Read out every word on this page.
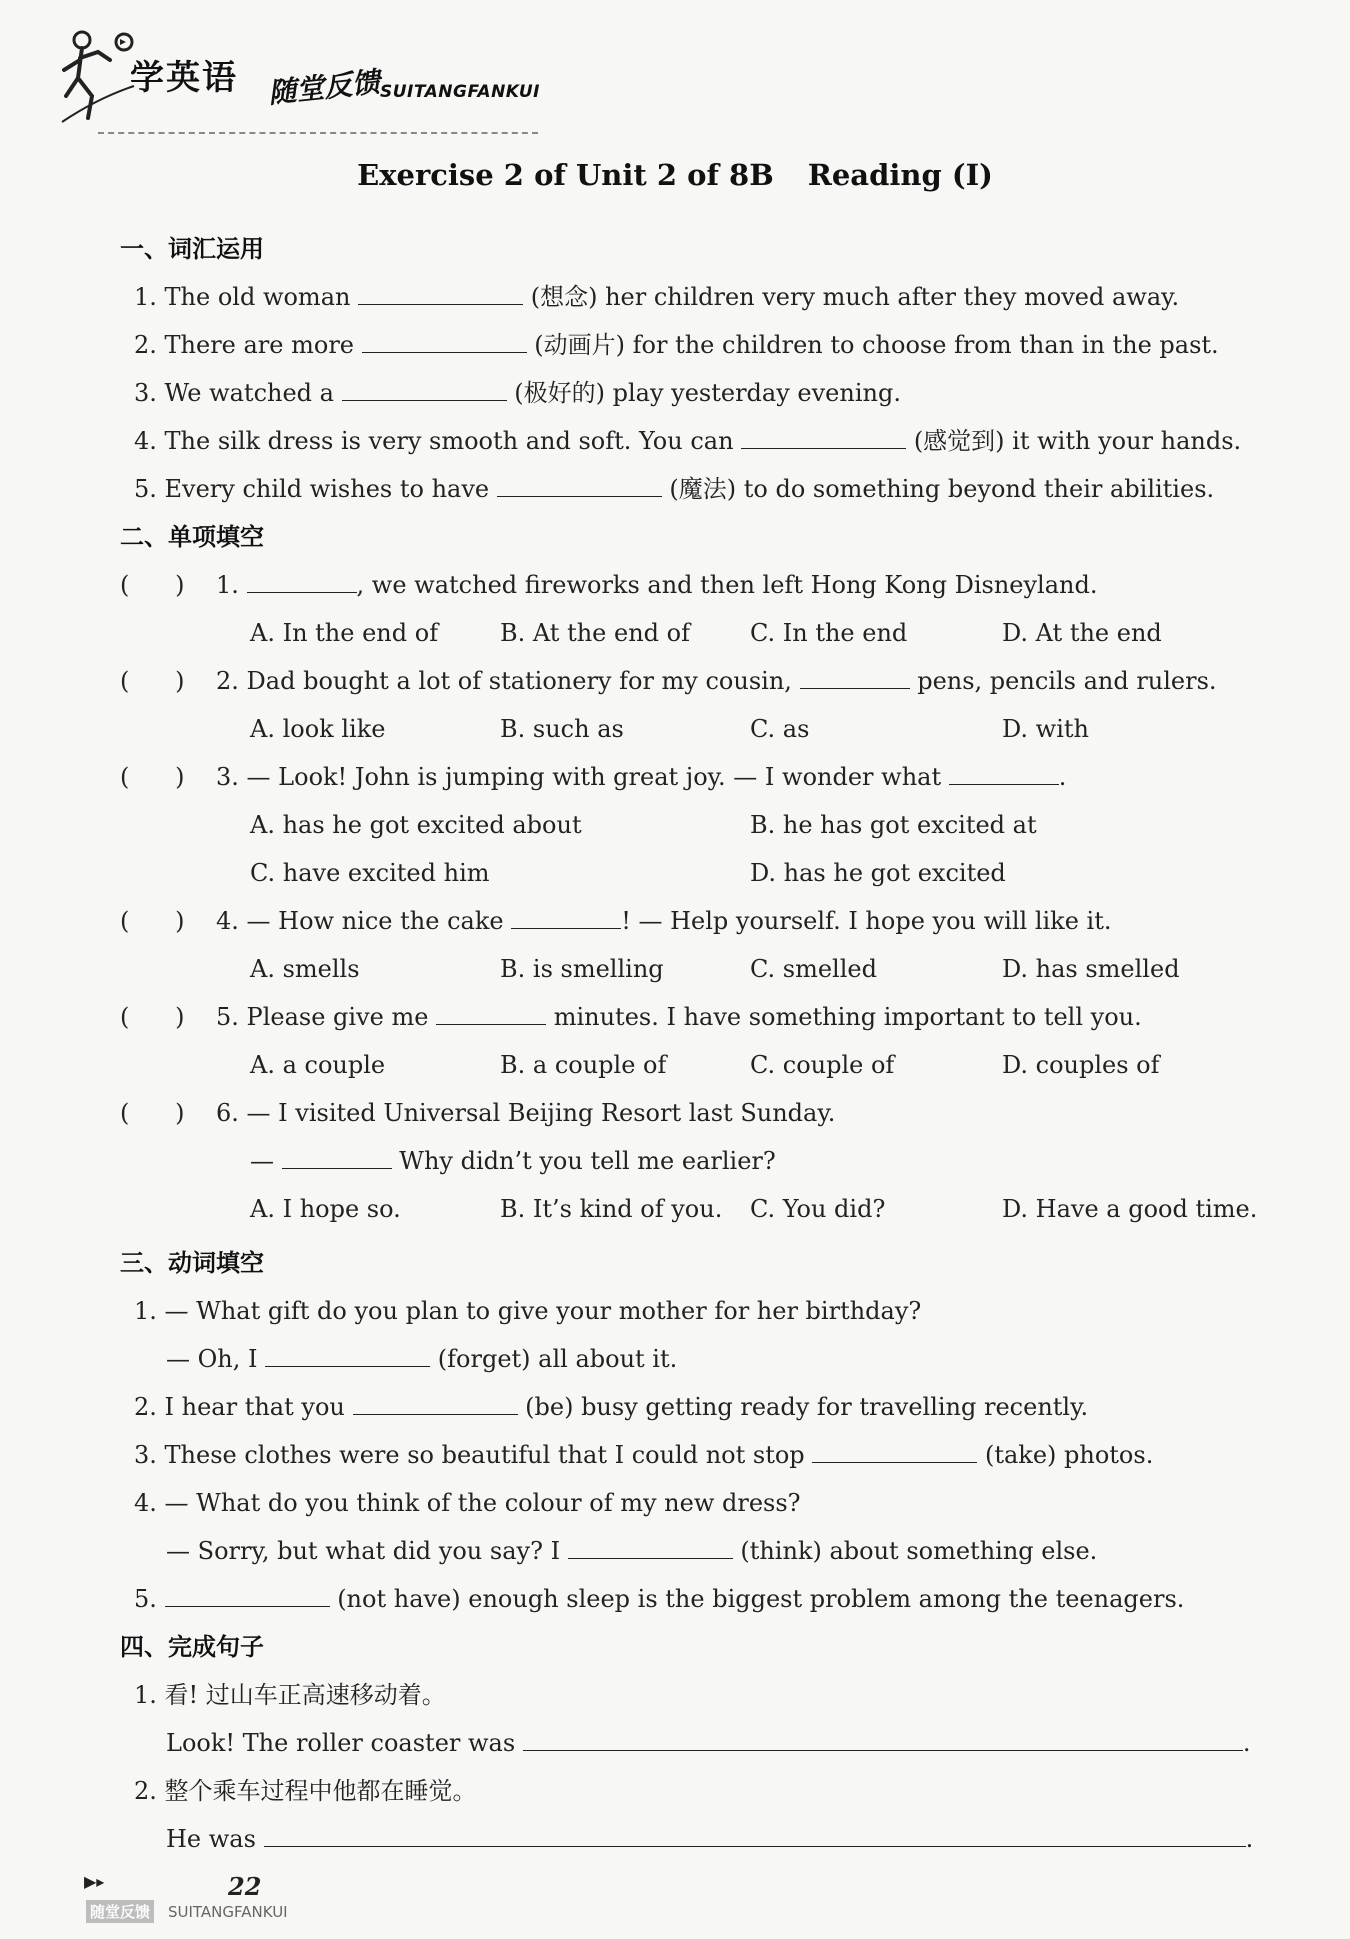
学英语 随堂反馈
SUITANGFANKUI
Exercise 2 of Unit 2 of 8B Reading (Ⅰ)
一、词汇运用
1. The old woman	(想念) her children very much after they moved away.
2. There are more	(动画片) for the children to choose from than in the past.
3. We watched a	(极好的) play yesterday evening.
4. The silk dress is very smooth and soft. You can	(感觉到) it with your hands.
5. Every child wishes to have	(魔法) to do something beyond their abilities.
二、单项填空
(      ) 1.	, we watched fireworks and then left Hong Kong Disneyland.
A. In the end of	B. At the end of	C. In the end	D. At the end
(      ) 2. Dad bought a lot of stationery for my cousin,	pens, pencils and rulers.
A. look like	B. such as	C. as	D. with
(      ) 3. — Look! John is jumping with great joy. — I wonder what	.
A. has he got excited about	B. he has got excited at
C. have excited him	D. has he got excited
(      ) 4. — How nice the cake	! — Help yourself. I hope you will like it.
A. smells	B. is smelling	C. smelled	D. has smelled
(      ) 5. Please give me	minutes. I have something important to tell you.
A. a couple	B. a couple of	C. couple of	D. couples of
(      ) 6. — I visited Universal Beijing Resort last Sunday.
—	Why didn’t you tell me earlier?
A. I hope so.	B. It’s kind of you. C. You did?	D. Have a good time.
三、动词填空
1. — What gift do you plan to give your mother for her birthday?
— Oh, I	(forget) all about it.
2. I hear that you	(be) busy getting ready for travelling recently.
3. These clothes were so beautiful that I could not stop	(take) photos.
4. — What do you think of the colour of my new dress?
— Sorry, but what did you say? I	(think) about something else.
5.	(not have) enough sleep is the biggest problem among the teenagers.
四、完成句子
1. 看! 过山车正高速移动着。
Look! The roller coaster was	.
2. 整个乘车过程中他都在睡觉。
He was	.
▶▸	22
随堂反馈 SUITANGFANKUI
